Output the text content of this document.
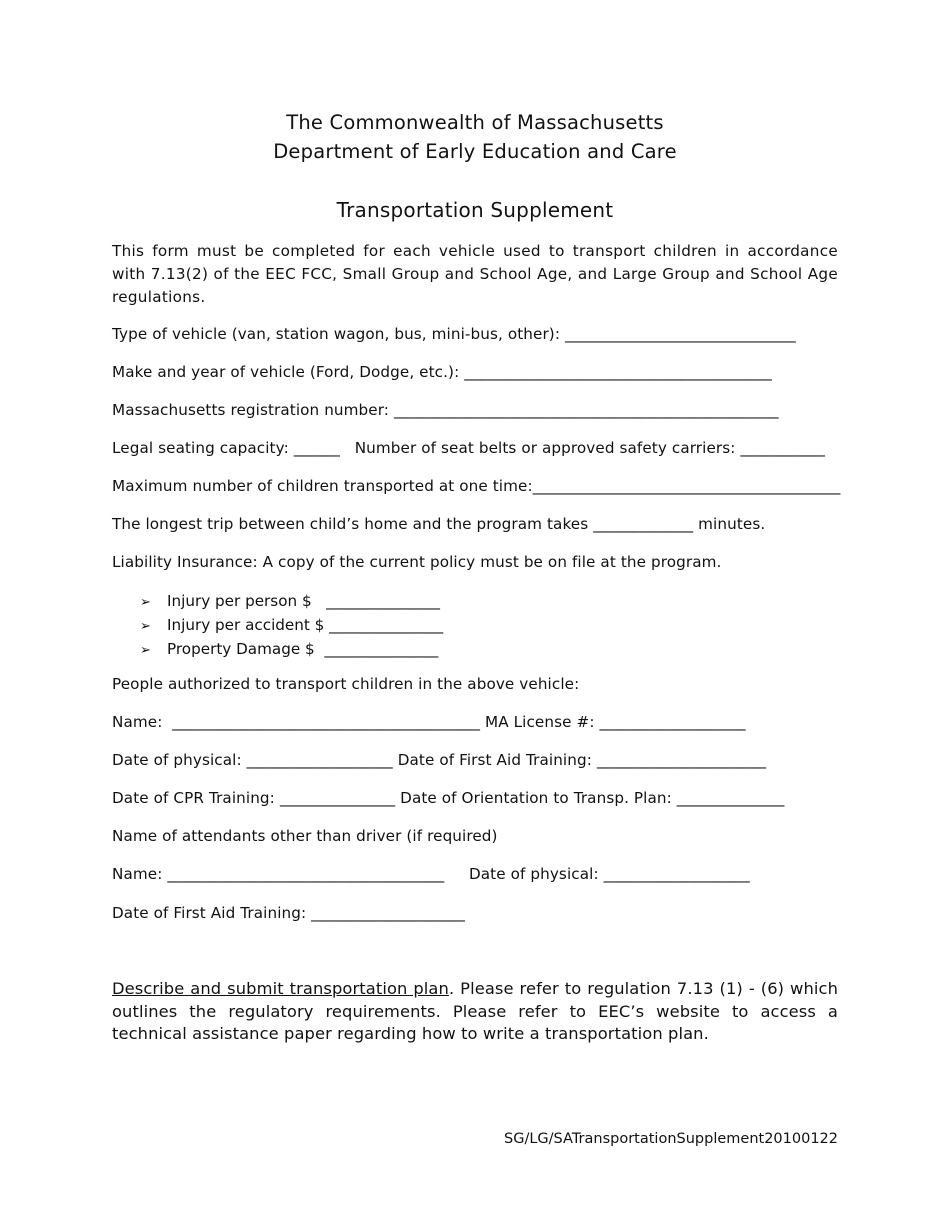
The Commonwealth of Massachusetts
Department of Early Education and Care
Transportation Supplement

This form must be completed for each vehicle used to transport children in accordance with 7.13(2) of the EEC FCC, Small Group and School Age, and Large Group and School Age regulations.

Type of vehicle (van, station wagon, bus, mini-bus, other): ______________________________
Make and year of vehicle (Ford, Dodge, etc.): ________________________________________
Massachusetts registration number: __________________________________________________
Legal seating capacity: ______ Number of seat belts or approved safety carriers: ___________
Maximum number of children transported at one time:________________________________________
The longest trip between child’s home and the program takes _____________ minutes.
Liability Insurance: A copy of the current policy must be on file at the program.
➢ Injury per person $   _______________
➢ Injury per accident $ _______________
➢ Property Damage $  _______________
People authorized to transport children in the above vehicle:
Name:  ________________________________________ MA License #: ___________________
Date of physical: ___________________ Date of First Aid Training: ______________________
Date of CPR Training: _______________ Date of Orientation to Transp. Plan: ______________
Name of attendants other than driver (if required)
Name: ____________________________________     Date of physical: ___________________
Date of First Aid Training: ____________________

Describe and submit transportation plan. Please refer to regulation 7.13 (1) - (6) which outlines the regulatory requirements. Please refer to EEC’s website to access a technical assistance paper regarding how to write a transportation plan.

SG/LG/SATransportationSupplement20100122
